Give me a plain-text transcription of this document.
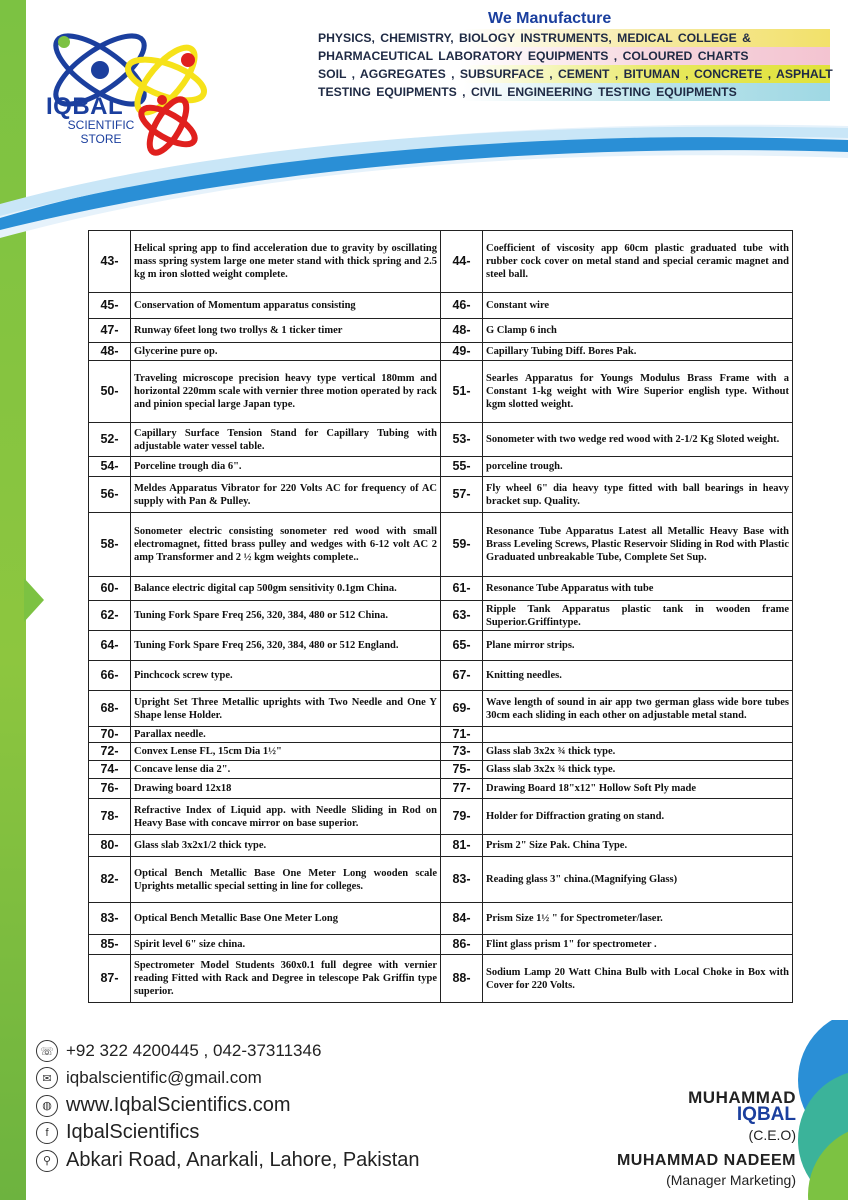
IQBAL
SCIENTIFIC STORE
We Manufacture
PHYSICS, CHEMISTRY, BIOLOGY INSTRUMENTS, MEDICAL COLLEGE &
PHARMACEUTICAL LABORATORY EQUIPMENTS , COLOURED CHARTS
SOIL , AGGREGATES , SUBSURFACE , CEMENT , BITUMAN , CONCRETE , ASPHALT
TESTING EQUIPMENTS , CIVIL ENGINEERING TESTING EQUIPMENTS
43-	Helical spring app to find acceleration due to gravity by oscillating mass spring system large one meter stand with thick spring and 2.5 kg m iron slotted weight complete.	44-	Coefficient of viscosity app 60cm plastic graduated tube with rubber cock cover on metal stand and special ceramic magnet and steel ball.
45-	Conservation of Momentum apparatus consisting	46-	Constant wire
47-	Runway 6feet long two trollys & 1 ticker timer	48-	G Clamp 6 inch
48-	Glycerine pure op.	49-	Capillary Tubing Diff. Bores Pak.
50-	Traveling microscope precision heavy type vertical 180mm and horizontal 220mm scale with vernier three motion operated by rack and pinion special large Japan type.	51-	Searles Apparatus for Youngs Modulus Brass Frame with a Constant 1-kg weight with Wire Superior english type. Without kgm slotted weight.
52-	Capillary Surface Tension Stand for Capillary Tubing with adjustable water vessel table.	53-	Sonometer with two wedge red wood with 2-1/2 Kg Sloted weight.
54-	Porceline trough dia 6".	55-	porceline trough.
56-	Meldes Apparatus Vibrator for 220 Volts AC for frequency of AC supply with Pan & Pulley.	57-	Fly wheel 6" dia heavy type fitted with ball bearings in heavy bracket sup. Quality.
58-	Sonometer electric consisting sonometer red wood with small electromagnet, fitted brass pulley and wedges with 6-12 volt AC 2 amp Transformer and 2 ½ kgm weights complete..	59-	Resonance Tube Apparatus Latest all Metallic Heavy Base with Brass Leveling Screws, Plastic Reservoir Sliding in Rod with Plastic Graduated unbreakable Tube, Complete Set Sup.
60-	Balance electric digital cap 500gm sensitivity 0.1gm China.	61-	Resonance Tube Apparatus with tube
62-	Tuning Fork Spare Freq 256, 320, 384, 480 or 512 China.	63-	Ripple Tank Apparatus plastic tank in wooden frame Superior.Griffintype.
64-	Tuning Fork Spare Freq 256, 320, 384, 480 or 512 England.	65-	Plane mirror strips.
66-	Pinchcock screw type.	67-	Knitting needles.
68-	Upright Set Three Metallic uprights with Two Needle and One Y Shape lense Holder.	69-	Wave length of sound in air app two german glass wide bore tubes 30cm each sliding in each other on adjustable metal stand.
70-	Parallax needle.	71-	
72-	Convex Lense FL, 15cm Dia 1½"	73-	Glass slab 3x2x ¾ thick type.
74-	Concave lense dia 2".	75-	Glass slab 3x2x ¾ thick type.
76-	Drawing board 12x18	77-	Drawing Board 18"x12" Hollow Soft Ply made
78-	Refractive Index of Liquid app. with Needle Sliding in Rod on Heavy Base with concave mirror on base superior.	79-	Holder for Diffraction grating on stand.
80-	Glass slab 3x2x1/2 thick type.	81-	Prism 2" Size Pak. China Type.
82-	Optical Bench Metallic Base One Meter Long wooden scale Uprights metallic special setting in line for colleges.	83-	Reading glass 3" china.(Magnifying Glass)
83-	Optical Bench Metallic Base One Meter Long	84-	Prism Size 1½ " for Spectrometer/laser.
85-	Spirit level 6" size china.	86-	Flint glass prism 1" for spectrometer .
87-	Spectrometer Model Students 360x0.1 full degree with vernier reading Fitted with Rack and Degree in telescope Pak Griffin type superior.	88-	Sodium Lamp 20 Watt China Bulb with Local Choke in Box with Cover for 220 Volts.
☏ +92 322 4200445 , 042-37311346
✉ iqbalscientific@gmail.com
◍ www.IqbalScientifics.com
f IqbalScientifics
⚲ Abkari Road, Anarkali, Lahore, Pakistan
MUHAMMAD
IQBAL
(C.E.O)
MUHAMMAD NADEEM
(Manager Marketing)
